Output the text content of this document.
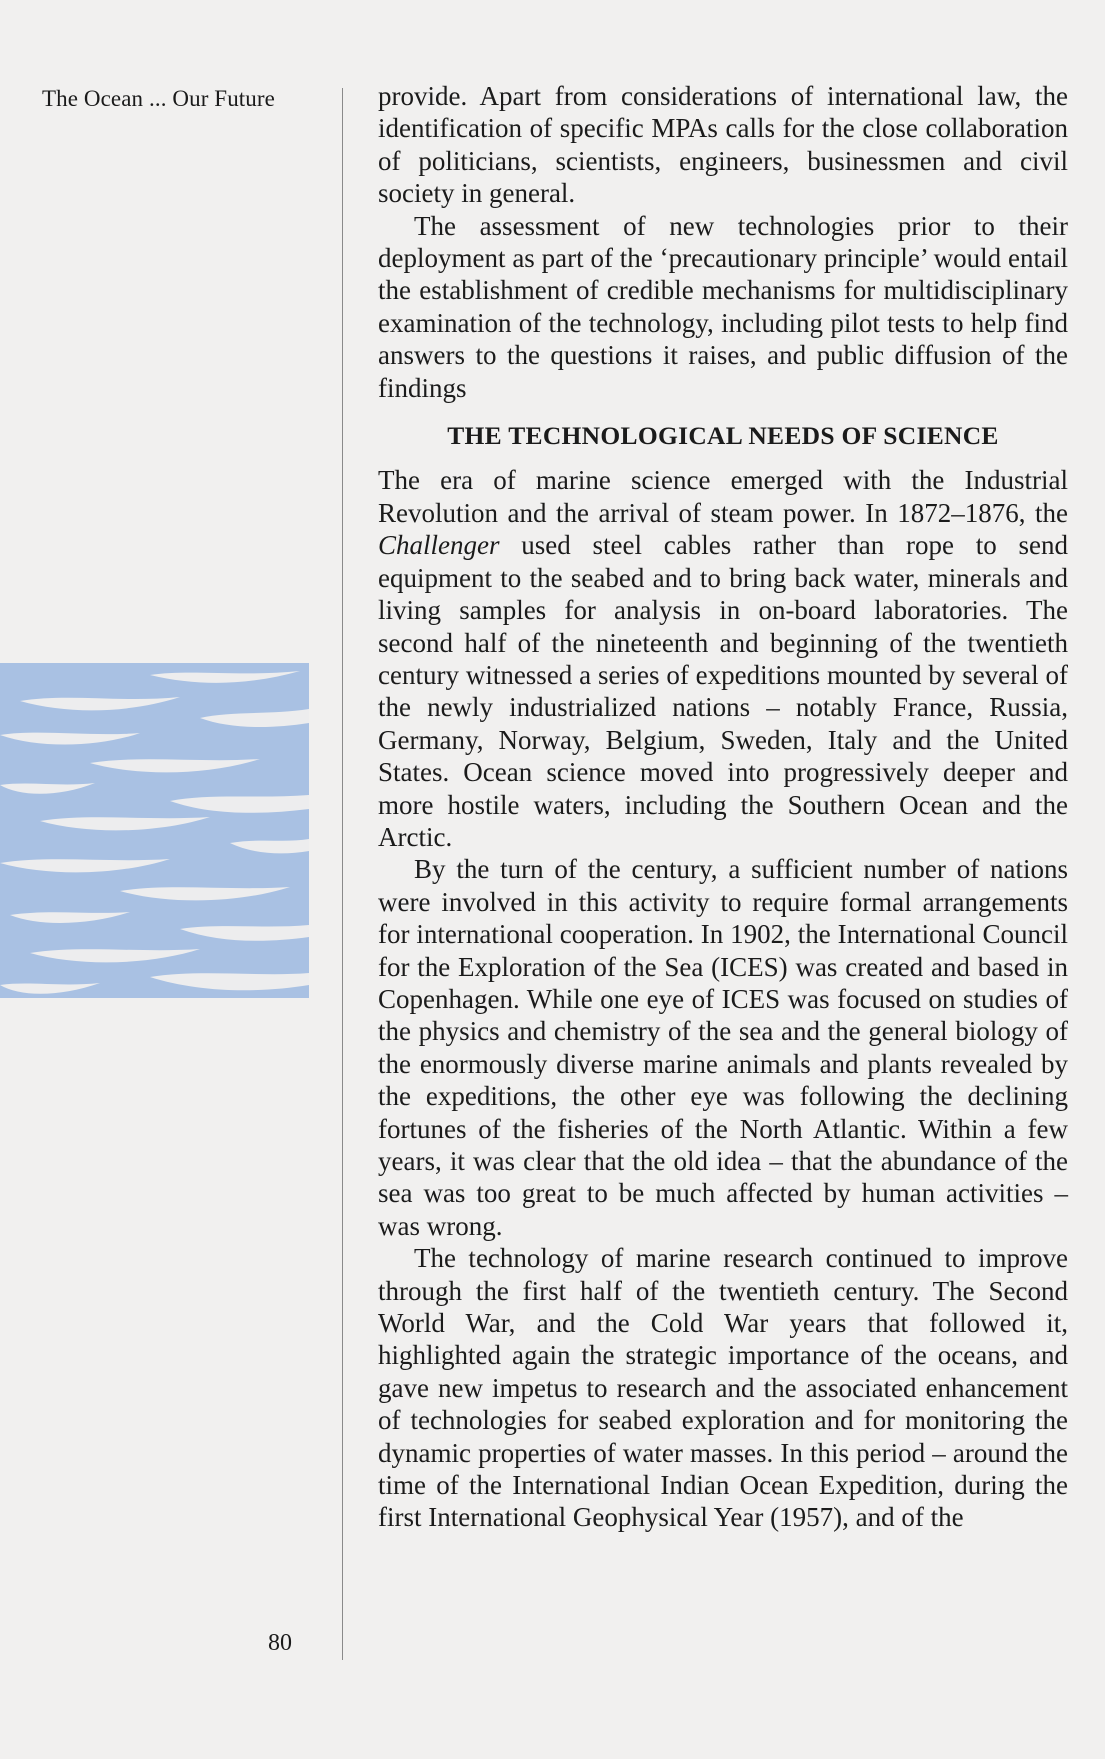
The Ocean ... Our Future	provide. Apart from considerations of international law, the identification of specific MPAs calls for the close collaboration of politicians, scientists, engineers, businessmen and civil society in general.

The assessment of new technologies prior to their deployment as part of the ‘precautionary principle’ would entail the establishment of credible mechanisms for multidisciplinary examination of the technology, including pilot tests to help find answers to the questions it raises, and public diffusion of the findings

THE TECHNOLOGICAL NEEDS OF SCIENCE

The era of marine science emerged with the Industrial Revolution and the arrival of steam power. In 1872–1876, the Challenger used steel cables rather than rope to send equipment to the seabed and to bring back water, minerals and living samples for analysis in on-board laboratories. The second half of the nineteenth and beginning of the twentieth century witnessed a series of expeditions mounted by several of the newly industrialized nations – notably France, Russia, Germany, Norway, Belgium, Sweden, Italy and the United States. Ocean science moved into progressively deeper and more hostile waters, including the Southern Ocean and the Arctic.

By the turn of the century, a sufficient number of nations were involved in this activity to require formal arrangements for international cooperation. In 1902, the International Council for the Exploration of the Sea (ICES) was created and based in Copenhagen. While one eye of ICES was focused on studies of the physics and chemistry of the sea and the general biology of the enormously diverse marine animals and plants revealed by the expeditions, the other eye was following the declining fortunes of the fisheries of the North Atlantic. Within a few years, it was clear that the old idea – that the abundance of the sea was too great to be much affected by human activities – was wrong.

The technology of marine research continued to improve through the first half of the twentieth century. The Second World War, and the Cold War years that followed it, highlighted again the strategic importance of the oceans, and gave new impetus to research and the associated enhancement of technologies for seabed exploration and for monitoring the dynamic properties of water masses. In this period – around the time of the International Indian Ocean Expedition, during the first International Geophysical Year (1957), and of the

80
